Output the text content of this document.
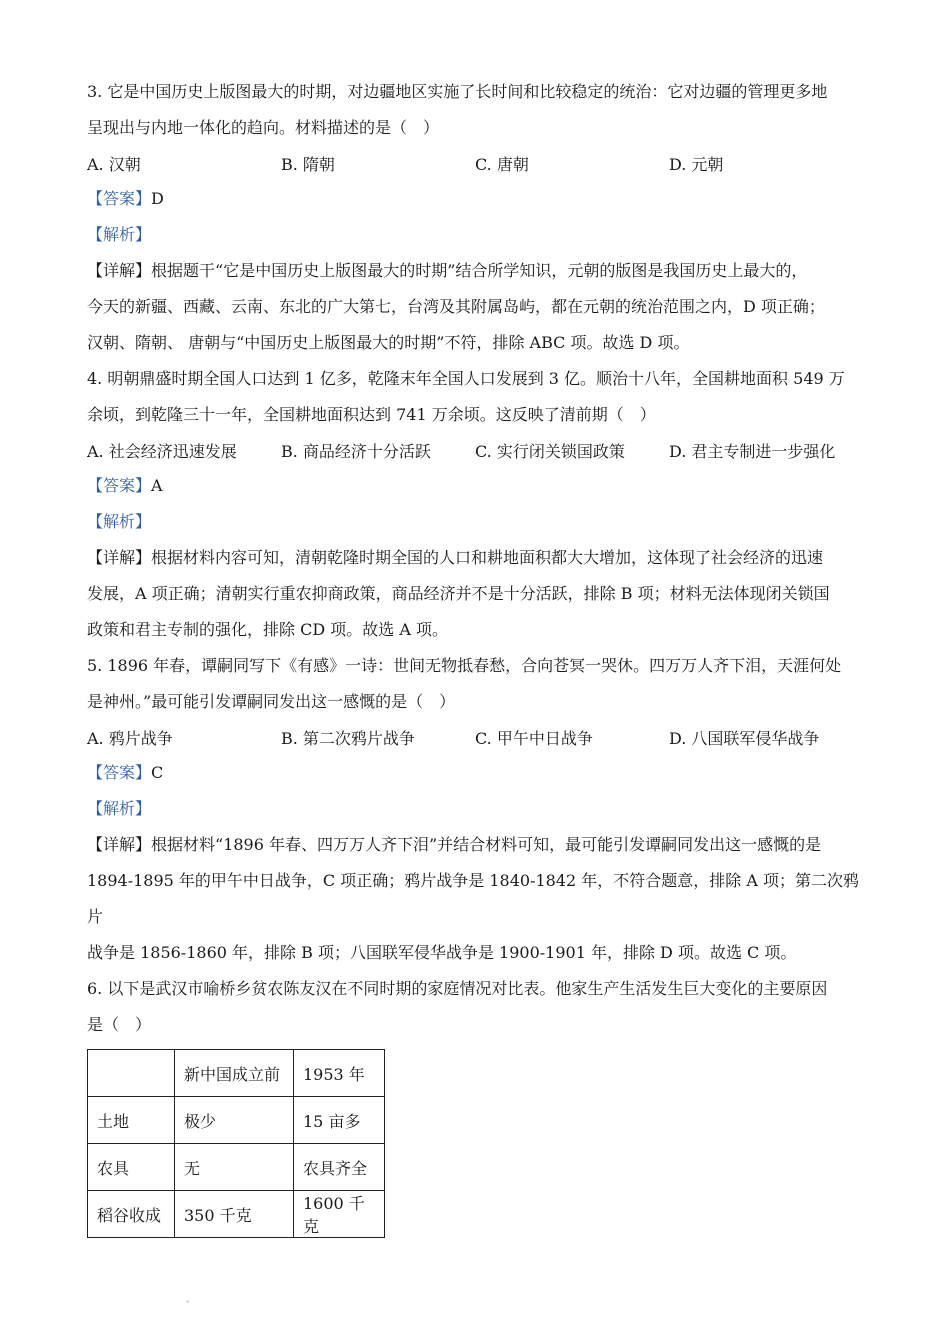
3. 它是中国历史上版图最大的时期，对边疆地区实施了长时间和比较稳定的统治：它对边疆的管理更多地

呈现出与内地一体化的趋向。材料描述的是（　）

A. 汉朝	B. 隋朝	C. 唐朝	D. 元朝

【答案】D

【解析】

【详解】根据题干“它是中国历史上版图最大的时期”结合所学知识，元朝的版图是我国历史上最大的，

今天的新疆、西藏、云南、东北的广大第七，台湾及其附属岛屿，都在元朝的统治范围之内，D 项正确；

汉朝、隋朝、 唐朝与“中国历史上版图最大的时期”不符，排除 ABC 项。故选 D 项。

4. 明朝鼎盛时期全国人口达到 1 亿多，乾隆末年全国人口发展到 3 亿。顺治十八年，全国耕地面积 549 万

余顷，到乾隆三十一年，全国耕地面积达到 741 万余顷。这反映了清前期（　）

A. 社会经济迅速发展	B. 商品经济十分活跃	C. 实行闭关锁国政策	D. 君主专制进一步强化

【答案】A

【解析】

【详解】根据材料内容可知，清朝乾隆时期全国的人口和耕地面积都大大增加，这体现了社会经济的迅速

发展，A 项正确；清朝实行重农抑商政策，商品经济并不是十分活跃，排除 B 项；材料无法体现闭关锁国

政策和君主专制的强化，排除 CD 项。故选 A 项。

5. 1896 年春，谭嗣同写下《有感》一诗：世间无物抵春愁，合向苍冥一哭休。四万万人齐下泪，天涯何处

是神州。”最可能引发谭嗣同发出这一感慨的是（　）

A. 鸦片战争	B. 第二次鸦片战争	C. 甲午中日战争	D. 八国联军侵华战争

【答案】C

【解析】

【详解】根据材料“1896 年春、四万万人齐下泪”并结合材料可知，最可能引发谭嗣同发出这一感慨的是

1894-1895 年的甲午中日战争，C 项正确；鸦片战争是 1840-1842 年，不符合题意，排除 A 项；第二次鸦片

战争是 1856-1860 年，排除 B 项；八国联军侵华战争是 1900-1901 年，排除 D 项。故选 C 项。

6. 以下是武汉市喻桥乡贫农陈友汉在不同时期的家庭情况对比表。他家生产生活发生巨大变化的主要原因

是（　）

	新中国成立前	1953 年
土地	极少	15 亩多
农具	无	农具齐全
稻谷收成	350 千克	1600 千克
